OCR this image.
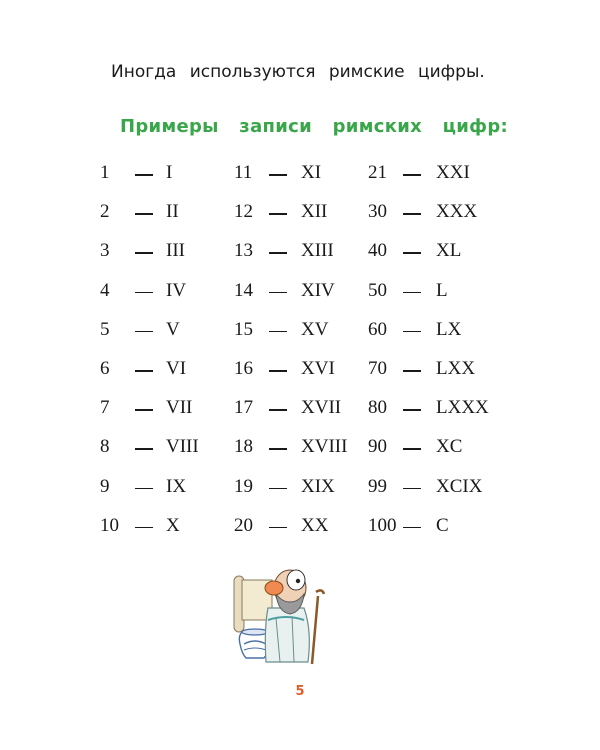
Иногда используются римские цифры.
Примеры записи римских цифр:
1	I	11	XI 21	XXI
2	II	12	XII 30	XXX
3	III	13	XIII 40	XL
4	IV	14	XIV 50	L
5	V	15	XV 60	LX
6	VI	16	XVI 70	LXX
7	VII 17	XVII 80	LXXX
8	VIII 18	XVIII 90	XC
9	IX	19	XIX 99	XCIX
10 X	20	XX 100 C
5
